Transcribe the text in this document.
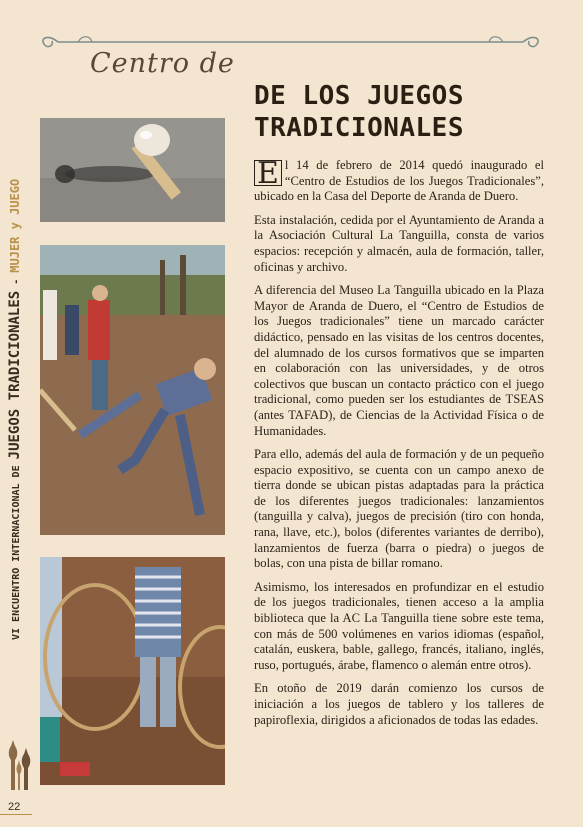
Centro de
DE LOS JUEGOS TRADICIONALES
VI ENCUENTRO INTERNACIONAL DE JUEGOS TRADICIONALES - MUJER y JUEGO
22

E l 14 de febrero de 2014 quedó inaugurado el “Centro de Estudios de los Juegos Tradicionales”, ubicado en la Casa del Deporte de Aranda de Duero.

Esta instalación, cedida por el Ayuntamiento de Aranda a la Asociación Cultural La Tanguilla, consta de varios espacios: recepción y almacén, aula de formación, taller, oficinas y archivo.

A diferencia del Museo La Tanguilla ubicado en la Plaza Mayor de Aranda de Duero, el “Centro de Estudios de los Juegos tradicionales” tiene un marcado carácter didáctico, pensado en las visitas de los centros docentes, del alumnado de los cursos formativos que se imparten en colaboración con las universidades, y de otros colectivos que buscan un contacto práctico con el juego tradicional, como pueden ser los estudiantes de TSEAS (antes TAFAD), de Ciencias de la Actividad Física o de Humanidades.

Para ello, además del aula de formación y de un pequeño espacio expositivo, se cuenta con un campo anexo de tierra donde se ubican pistas adaptadas para la práctica de los diferentes juegos tradicionales: lanzamientos (tanguilla y calva), juegos de precisión (tiro con honda, rana, llave, etc.), bolos (diferentes variantes de derribo), lanzamientos de fuerza (barra o piedra) o juegos de bolas, con una pista de billar romano.

Asimismo, los interesados en profundizar en el estudio de los juegos tradicionales, tienen acceso a la amplia biblioteca que la AC La Tanguilla tiene sobre este tema, con más de 500 volúmenes en varios idiomas (español, catalán, euskera, bable, gallego, francés, italiano, inglés, ruso, portugués, árabe, flamenco o alemán entre otros).

En otoño de 2019 darán comienzo los cursos de iniciación a los juegos de tablero y los talleres de papiroflexia, dirigidos a aficionados de todas las edades.
